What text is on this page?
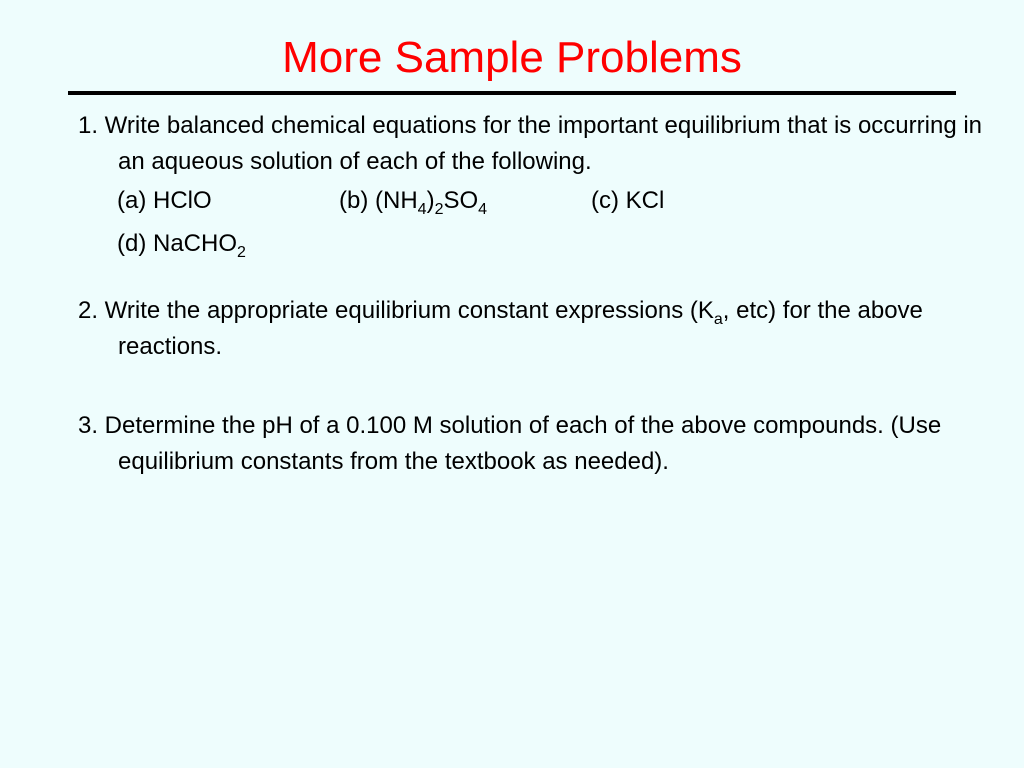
More Sample Problems

1. Write balanced chemical equations for the important equilibrium that is occurring in an aqueous solution of each of the following.

(a) HClO	(b) $(NH_4)_2SO_4$	(c) KCl
(d) NaCHO$_2$

2. Write the appropriate equilibrium constant expressions ($K_a$, etc) for the above reactions.

3. Determine the pH of a 0.100 M solution of each of the above compounds. (Use equilibrium constants from the textbook as needed).
